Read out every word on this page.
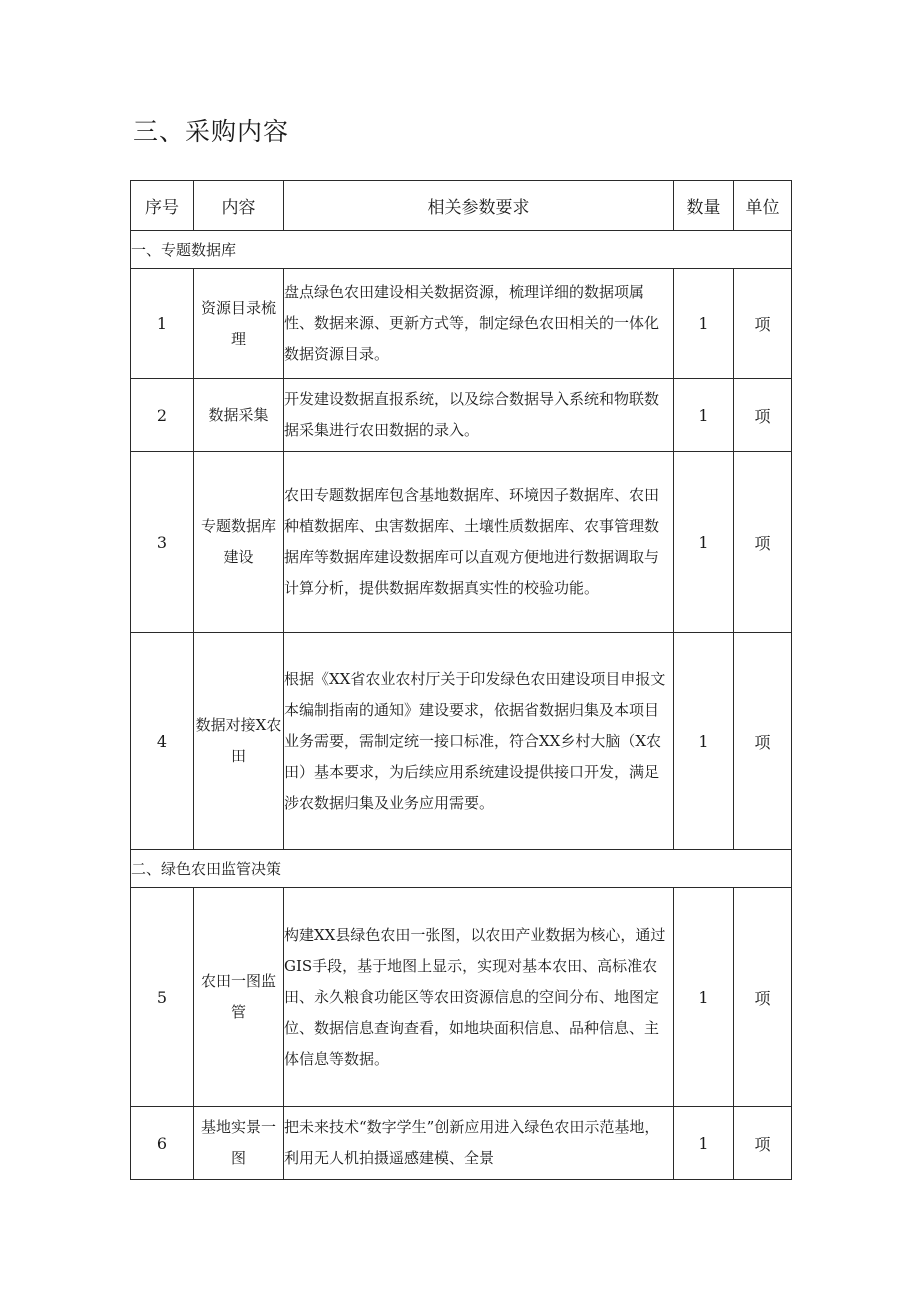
三、采购内容
序号	内容	相关参数要求	数量	单位
一、专题数据库				
1	资源目录梳理	盘点绿色农田建设相关数据资源，梳理详细的数据项属性、数据来源、更新方式等，制定绿色农田相关的一体化数据资源目录。	1	项
2	数据采集	开发建设数据直报系统，以及综合数据导入系统和物联数据采集进行农田数据的录入。	1	项
3	专题数据库建设	农田专题数据库包含基地数据库、环境因子数据库、农田种植数据库、虫害数据库、土壤性质数据库、农事管理数据库等数据库建设数据库可以直观方便地进行数据调取与计算分析，提供数据库数据真实性的校验功能。	1	项
4	数据对接X农田	根据《XX省农业农村厅关于印发绿色农田建设项目申报文本编制指南的通知》建设要求，依据省数据归集及本项目业务需要，需制定统一接口标准，符合XX乡村大脑（X农田）基本要求，为后续应用系统建设提供接口开发，满足涉农数据归集及业务应用需要。	1	项
二、绿色农田监管决策				
5	农田一图监管	构建XX县绿色农田一张图，以农田产业数据为核心，通过GIS手段，基于地图上显示，实现对基本农田、高标准农田、永久粮食功能区等农田资源信息的空间分布、地图定位、数据信息查询查看，如地块面积信息、品种信息、主体信息等数据。	1	项
6	基地实景一图	把未来技术“数字学生”创新应用进入绿色农田示范基地，利用无人机拍摄遥感建模、全景	1	项
